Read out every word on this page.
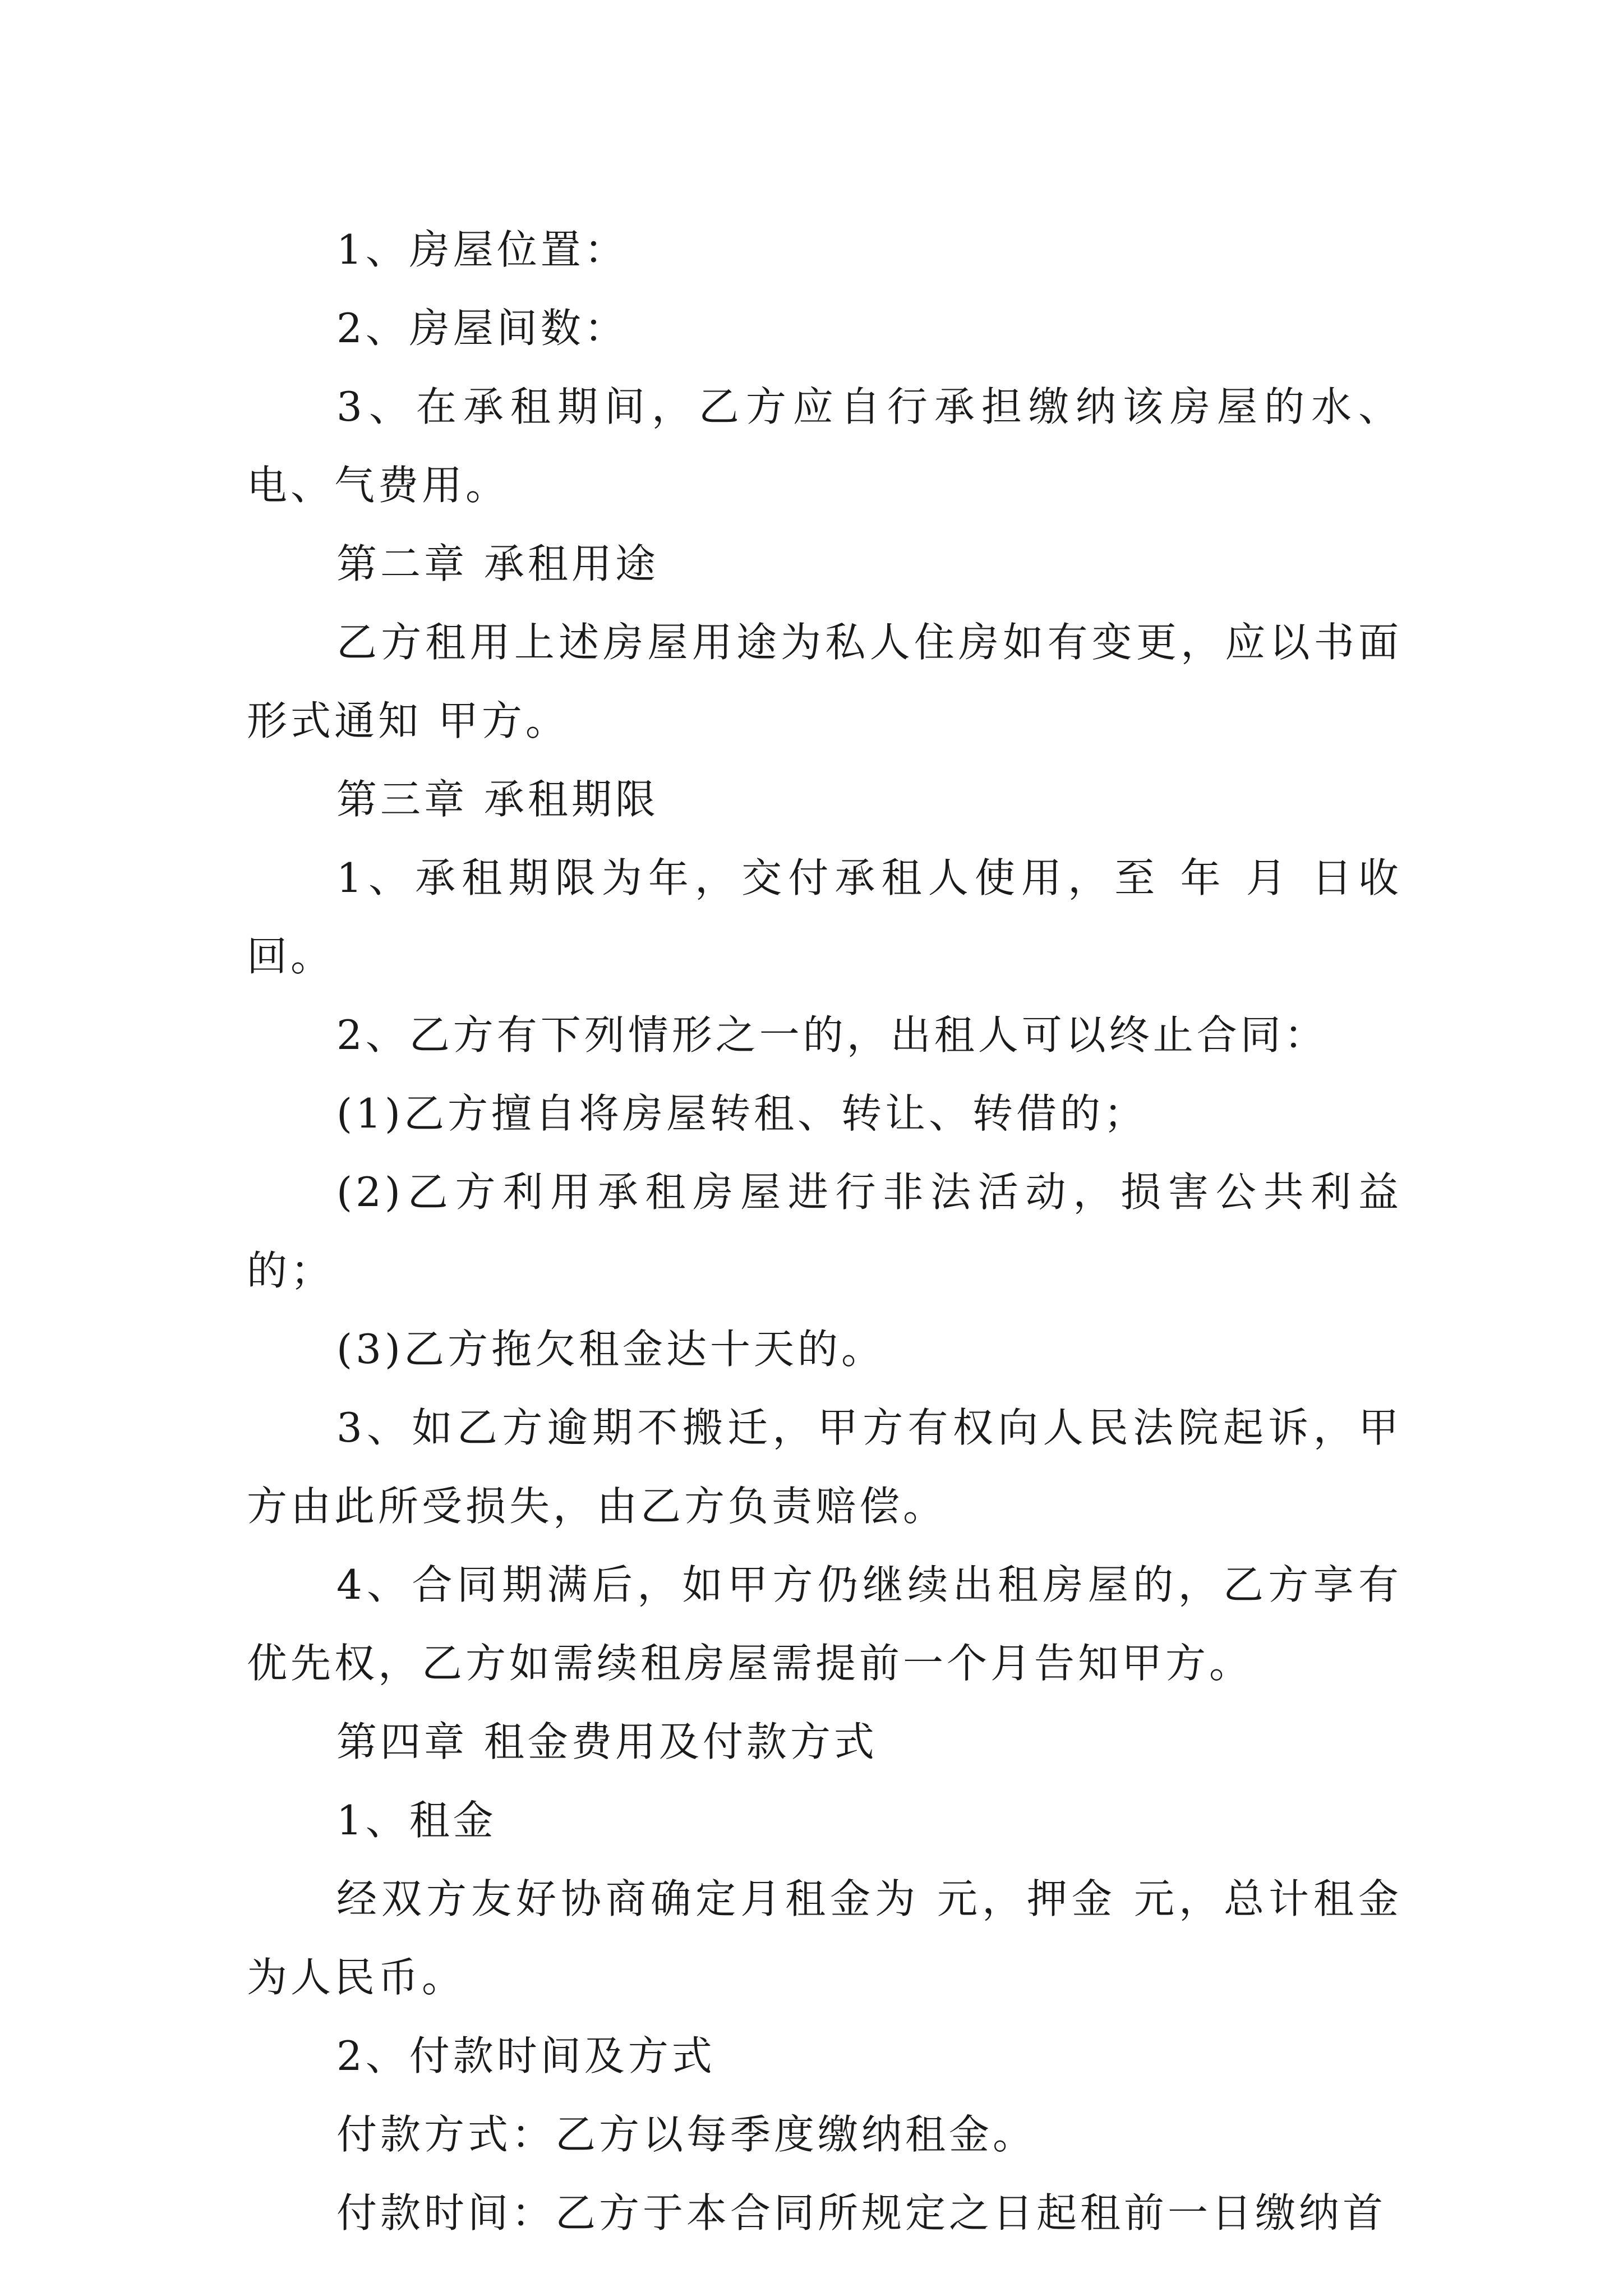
1、房屋位置：

2、房屋间数：

3、在承租期间，乙方应自行承担缴纳该房屋的水、电、气费用。

第二章 承租用途

乙方租用上述房屋用途为私人住房如有变更，应以书面形式通知 甲方。

第三章 承租期限

1、承租期限为年，交付承租人使用，至 年 月 日收回。

2、乙方有下列情形之一的，出租人可以终止合同：

(1)乙方擅自将房屋转租、转让、转借的；

(2)乙方利用承租房屋进行非法活动，损害公共利益的；

(3)乙方拖欠租金达十天的。

3、如乙方逾期不搬迁，甲方有权向人民法院起诉，甲方由此所受损失，由乙方负责赔偿。

4、合同期满后，如甲方仍继续出租房屋的，乙方享有优先权，乙方如需续租房屋需提前一个月告知甲方。

第四章 租金费用及付款方式

1、租金

经双方友好协商确定月租金为 元，押金 元，总计租金为人民币。

2、付款时间及方式

付款方式：乙方以每季度缴纳租金。

付款时间：乙方于本合同所规定之日起租前一日缴纳首
